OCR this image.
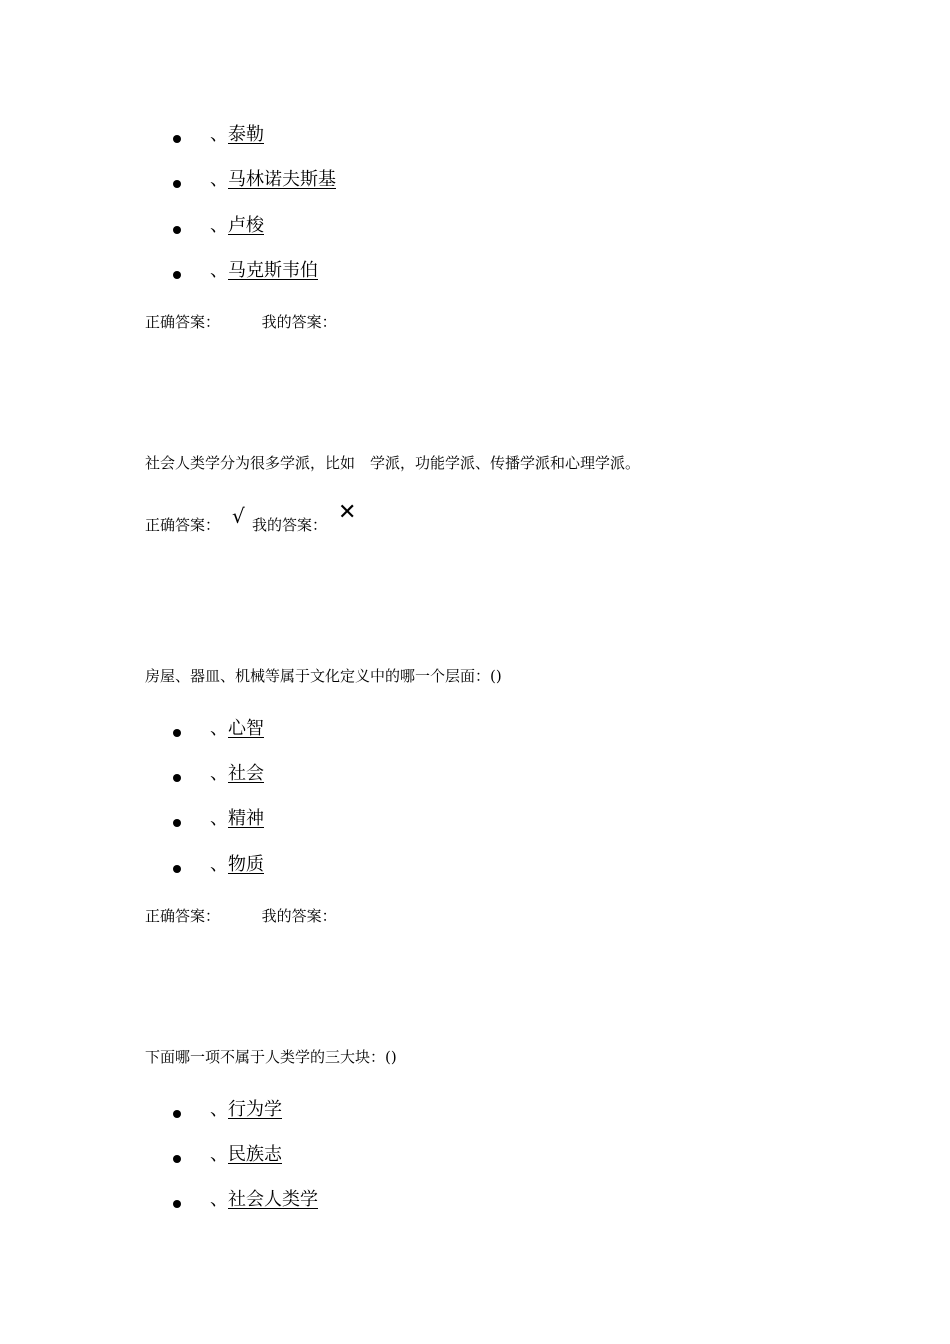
、泰勒
、马林诺夫斯基
、卢梭
、马克斯韦伯
正确答案：	我的答案：
社会人类学分为很多学派，比如　学派，功能学派、传播学派和心理学派。
正确答案： √ 我的答案： ✕
房屋、器皿、机械等属于文化定义中的哪一个层面：()
、心智
、社会
、精神
、物质
正确答案：	我的答案：
下面哪一项不属于人类学的三大块：()
、行为学
、民族志
、社会人类学
